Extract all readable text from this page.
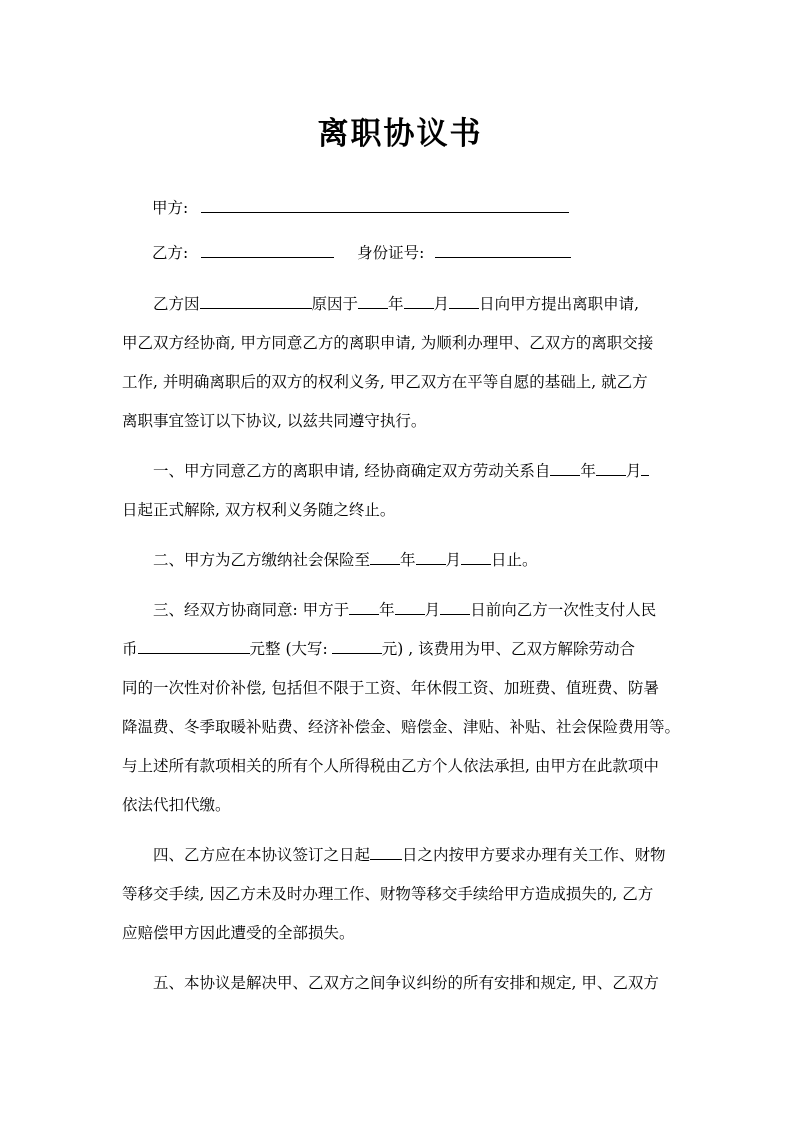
离职协议书
甲方:
乙方:	身份证号:
乙方因	原因于 年 月 日向甲方提出离职申请,
甲乙双方经协商, 甲方同意乙方的离职申请, 为顺利办理甲、乙双方的离职交接
工作, 并明确离职后的双方的权利义务, 甲乙双方在平等自愿的基础上, 就乙方
离职事宜签订以下协议, 以兹共同遵守执行。
一、甲方同意乙方的离职申请, 经协商确定双方劳动关系自 年 月
日起正式解除, 双方权利义务随之终止。
二、甲方为乙方缴纳社会保险至 年 月 日止。
三、经双方协商同意: 甲方于 年 月 日前向乙方一次性支付人民
币	元整 (大写:	元) , 该费用为甲、乙双方解除劳动合
同的一次性对价补偿, 包括但不限于工资、年休假工资、加班费、值班费、防暑
降温费、冬季取暖补贴费、经济补偿金、赔偿金、津贴、补贴、社会保险费用等。
与上述所有款项相关的所有个人所得税由乙方个人依法承担, 由甲方在此款项中
依法代扣代缴。
四、乙方应在本协议签订之日起 日之内按甲方要求办理有关工作、财物
等移交手续, 因乙方未及时办理工作、财物等移交手续给甲方造成损失的, 乙方
应赔偿甲方因此遭受的全部损失。
五、本协议是解决甲、乙双方之间争议纠纷的所有安排和规定, 甲、乙双方
